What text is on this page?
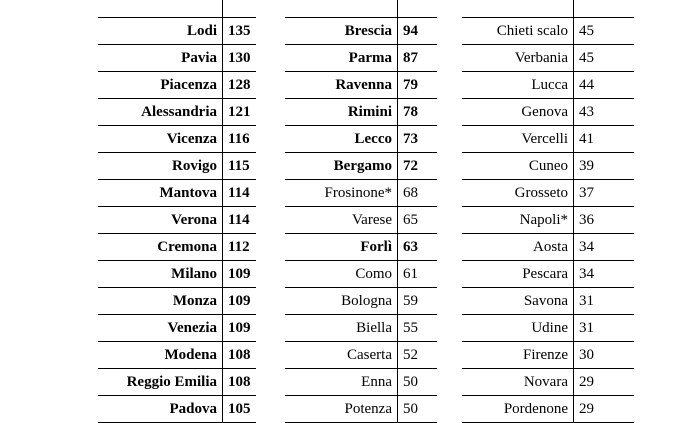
Lodi	135
Pavia	130
Piacenza	128
Alessandria	121
Vicenza	116
Rovigo	115
Mantova	114
Verona	114
Cremona	112
Milano	109
Monza	109
Venezia	109
Modena	108
Reggio Emilia	108
Padova	105

Brescia	94
Parma	87
Ravenna	79
Rimini	78
Lecco	73
Bergamo	72
Frosinone*	68
Varese	65
Forlì	63
Como	61
Bologna	59
Biella	55
Caserta	52
Enna	50
Potenza	50

Chieti scalo	45
Verbania	45
Lucca	44
Genova	43
Vercelli	41
Cuneo	39
Grosseto	37
Napoli*	36
Aosta	34
Pescara	34
Savona	31
Udine	31
Firenze	30
Novara	29
Pordenone	29
